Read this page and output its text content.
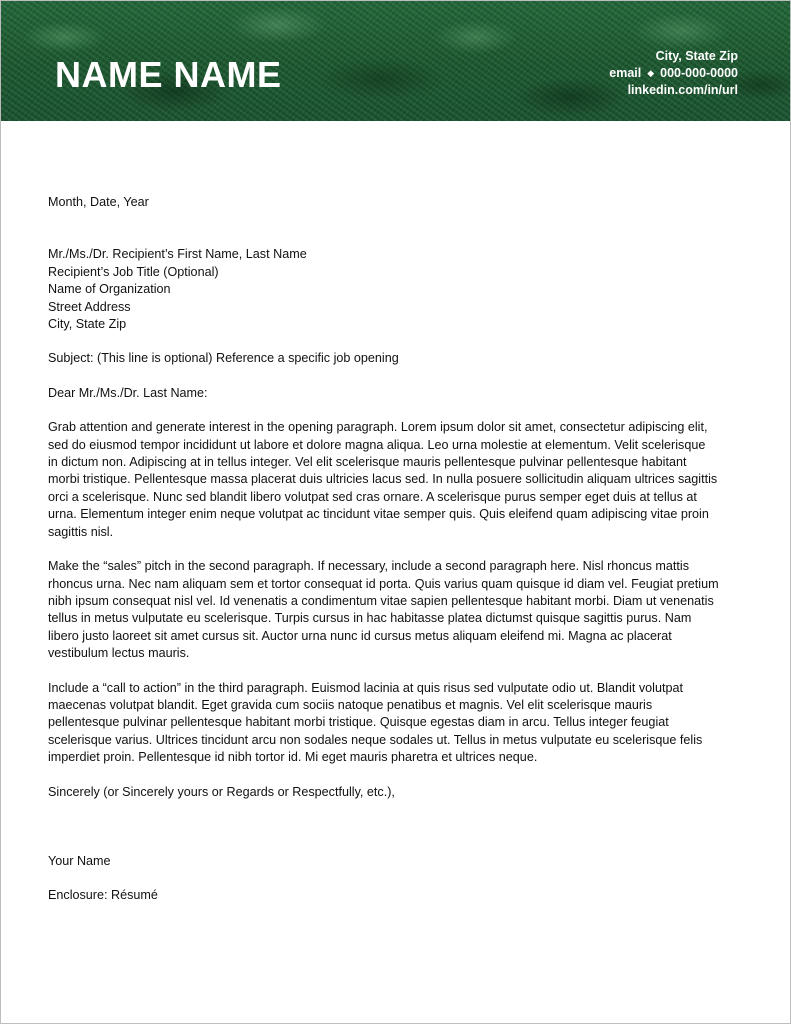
NAME NAME	City, State Zip
email ◆ 000-000-0000
linkedin.com/in/url

Month, Date, Year

Mr./Ms./Dr. Recipient’s First Name, Last Name
Recipient’s Job Title (Optional)
Name of Organization
Street Address
City, State Zip

Subject: (This line is optional) Reference a specific job opening

Dear Mr./Ms./Dr. Last Name:

Grab attention and generate interest in the opening paragraph. Lorem ipsum dolor sit amet, consectetur adipiscing elit,
sed do eiusmod tempor incididunt ut labore et dolore magna aliqua. Leo urna molestie at elementum. Velit scelerisque
in dictum non. Adipiscing at in tellus integer. Vel elit scelerisque mauris pellentesque pulvinar pellentesque habitant
morbi tristique. Pellentesque massa placerat duis ultricies lacus sed. In nulla posuere sollicitudin aliquam ultrices sagittis
orci a scelerisque. Nunc sed blandit libero volutpat sed cras ornare. A scelerisque purus semper eget duis at tellus at
urna. Elementum integer enim neque volutpat ac tincidunt vitae semper quis. Quis eleifend quam adipiscing vitae proin
sagittis nisl.
Make the “sales” pitch in the second paragraph. If necessary, include a second paragraph here. Nisl rhoncus mattis
rhoncus urna. Nec nam aliquam sem et tortor consequat id porta. Quis varius quam quisque id diam vel. Feugiat pretium
nibh ipsum consequat nisl vel. Id venenatis a condimentum vitae sapien pellentesque habitant morbi. Diam ut venenatis
tellus in metus vulputate eu scelerisque. Turpis cursus in hac habitasse platea dictumst quisque sagittis purus. Nam
libero justo laoreet sit amet cursus sit. Auctor urna nunc id cursus metus aliquam eleifend mi. Magna ac placerat
vestibulum lectus mauris.
Include a “call to action” in the third paragraph. Euismod lacinia at quis risus sed vulputate odio ut. Blandit volutpat
maecenas volutpat blandit. Eget gravida cum sociis natoque penatibus et magnis. Vel elit scelerisque mauris
pellentesque pulvinar pellentesque habitant morbi tristique. Quisque egestas diam in arcu. Tellus integer feugiat
scelerisque varius. Ultrices tincidunt arcu non sodales neque sodales ut. Tellus in metus vulputate eu scelerisque felis
imperdiet proin. Pellentesque id nibh tortor id. Mi eget mauris pharetra et ultrices neque.

Sincerely (or Sincerely yours or Regards or Respectfully, etc.),

Your Name

Enclosure: Résumé
